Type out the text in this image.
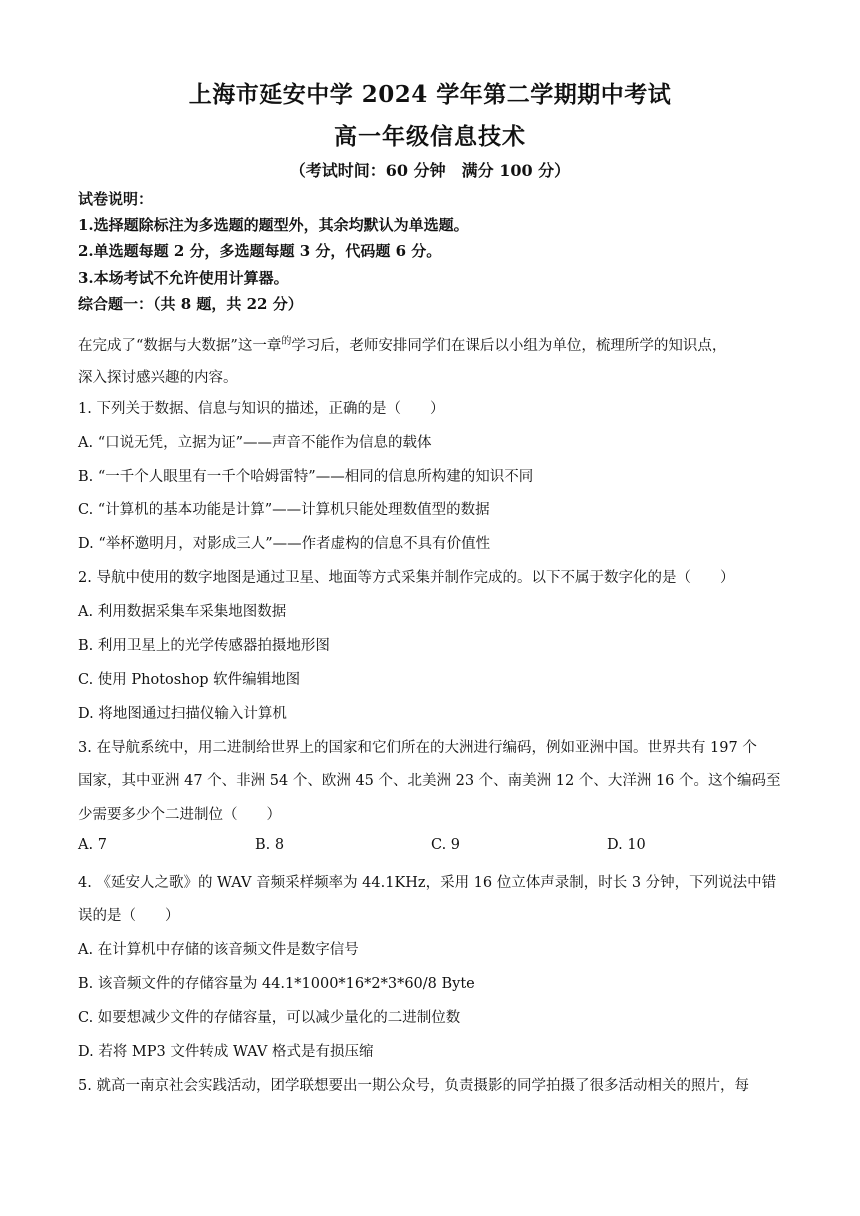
上海市延安中学 2024 学年第二学期期中考试
高一年级信息技术
（考试时间：60 分钟　满分 100 分）
试卷说明：
1.选择题除标注为多选题的题型外，其余均默认为单选题。
2.单选题每题 2 分，多选题每题 3 分，代码题 6 分。
3.本场考试不允许使用计算器。
综合题一：（共 8 题，共 22 分）
在完成了“数据与大数据”这一章$^的$学习后，老师安排同学们在课后以小组为单位，梳理所学的知识点，
深入探讨感兴趣的内容。
1. 下列关于数据、信息与知识的描述，正确的是（　　）
A. “口说无凭，立据为证”——声音不能作为信息的载体
B. “一千个人眼里有一千个哈姆雷特”——相同的信息所构建的知识不同
C. “计算机的基本功能是计算”——计算机只能处理数值型的数据
D. “举杯邀明月，对影成三人”——作者虚构的信息不具有价值性
2. 导航中使用的数字地图是通过卫星、地面等方式采集并制作完成的。以下不属于数字化的是（　　）
A. 利用数据采集车采集地图数据
B. 利用卫星上的光学传感器拍摄地形图
C. 使用 Photoshop 软件编辑地图
D. 将地图通过扫描仪输入计算机
3. 在导航系统中，用二进制给世界上的国家和它们所在的大洲进行编码，例如亚洲中国。世界共有 197 个
国家，其中亚洲 47 个、非洲 54 个、欧洲 45 个、北美洲 23 个、南美洲 12 个、大洋洲 16 个。这个编码至
少需要多少个二进制位（　　）
A. 7	B. 8	C. 9	D. 10
4. 《延安人之歌》的 WAV 音频采样频率为 44.1KHz，采用 16 位立体声录制，时长 3 分钟，下列说法中错
误的是（　　）
A. 在计算机中存储的该音频文件是数字信号
B. 该音频文件的存储容量为 44.1*1000*16*2*3*60/8 Byte
C. 如要想减少文件的存储容量，可以减少量化的二进制位数
D. 若将 MP3 文件转成 WAV 格式是有损压缩
5. 就高一南京社会实践活动，团学联想要出一期公众号，负责摄影的同学拍摄了很多活动相关的照片，每
